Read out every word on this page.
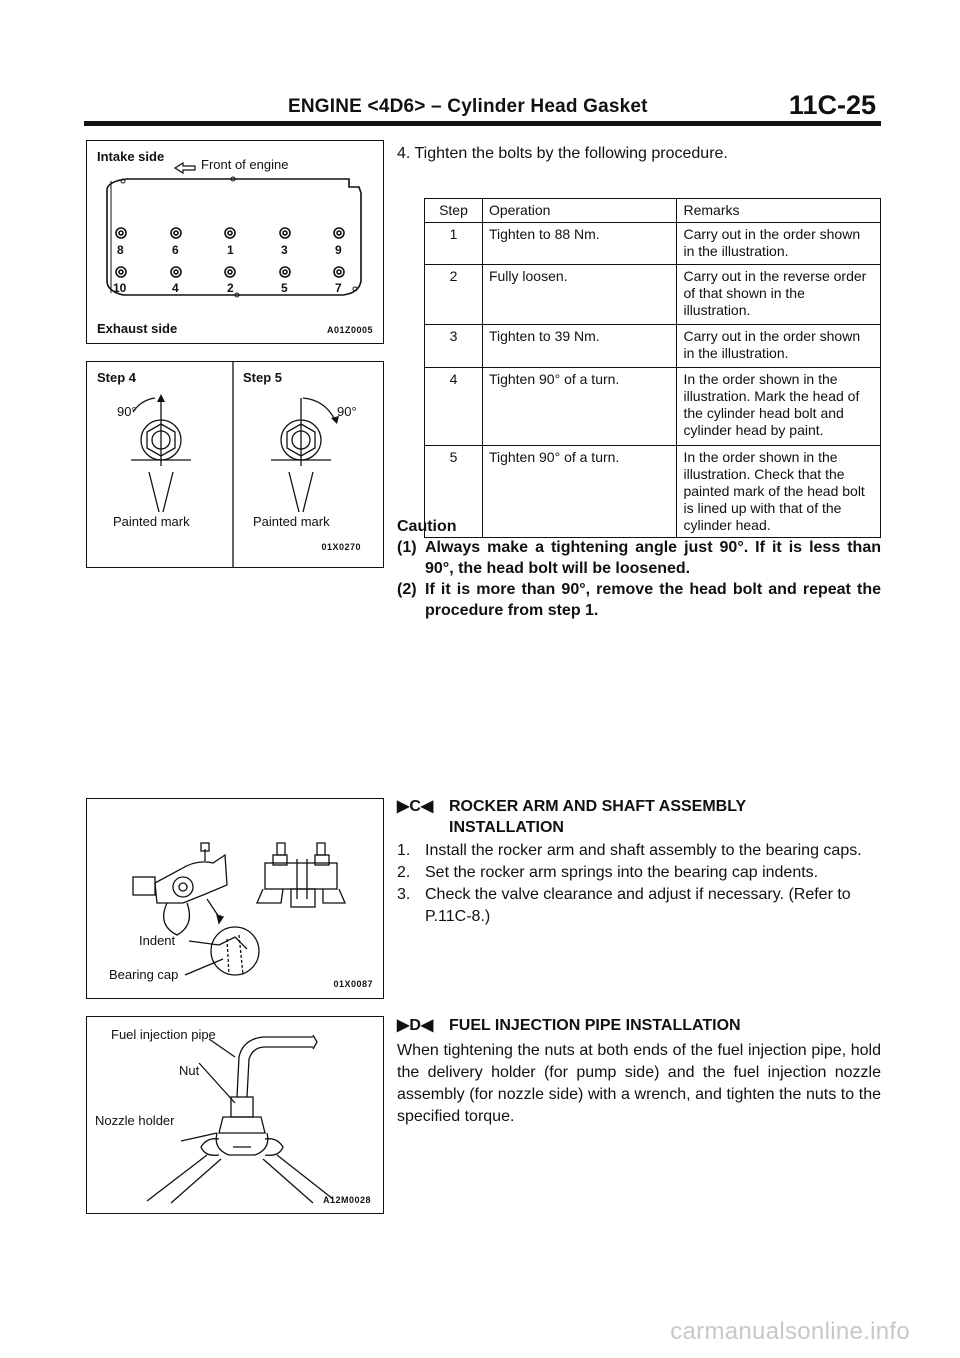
ENGINE <4D6> – Cylinder Head Gasket	11C-25
Intake side
Front of engine
8	6	1	3	9
10	4	2	5	7
Exhaust side	A01Z0005
Step 4	Step 5
90°	90°
Painted mark	Painted mark
01X0270
4. Tighten the bolts by the following procedure.
Step	Operation	Remarks
1	Tighten to 88 Nm.	Carry out in the order shown in the illustration.
2	Fully loosen.	Carry out in the reverse order of that shown in the illustration.
3	Tighten to 39 Nm.	Carry out in the order shown in the illustration.
4	Tighten 90° of a turn.	In the order shown in the illustration. Mark the head of the cylinder head bolt and cylinder head by paint.
5	Tighten 90° of a turn.	In the order shown in the illustration. Check that the painted mark of the head bolt is lined up with that of the cylinder head.
Caution
(1) Always make a tightening angle just 90°. If it is less than 90°, the head bolt will be loosened.
(2) If it is more than 90°, remove the head bolt and repeat the procedure from step 1.
Indent
Bearing cap
01X0087
▶C◀ ROCKER ARM AND SHAFT ASSEMBLY
INSTALLATION
1. Install the rocker arm and shaft assembly to the bearing caps.
2. Set the rocker arm springs into the bearing cap indents.
3. Check the valve clearance and adjust if necessary. (Refer to P.11C-8.)
Fuel injection pipe
Nut
Nozzle holder
A12M0028
▶D◀ FUEL INJECTION PIPE INSTALLATION
When tightening the nuts at both ends of the fuel injection pipe, hold the delivery holder (for pump side) and the fuel injection nozzle assembly (for nozzle side) with a wrench, and tighten the nuts to the specified torque.
carmanualsonline.info
